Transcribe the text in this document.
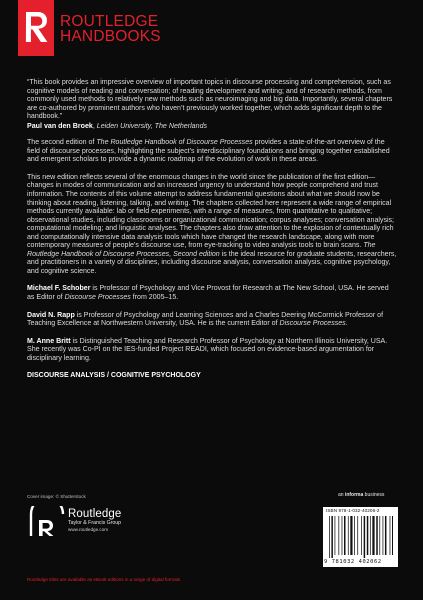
ROUTLEDGE
HANDBOOKS

“This book provides an impressive overview of important topics in discourse processing and comprehension, such as cognitive models of reading and conversation; of reading development and writing; and of research methods, from commonly used methods to relatively new methods such as neuroimaging and big data. Importantly, several chapters are co-authored by prominent authors who haven’t previously worked together, which adds significant depth to the handbook.”

Paul van den Broek, Leiden University, The Netherlands

The second edition of The Routledge Handbook of Discourse Processes provides a state-of-the-art overview of the field of discourse processes, highlighting the subject’s interdisciplinary foundations and bringing together established and emergent scholars to provide a dynamic roadmap of the evolution of work in these areas.

This new edition reflects several of the enormous changes in the world since the publication of the first edition—changes in modes of communication and an increased urgency to understand how people comprehend and trust information. The contents of this volume attempt to address fundamental questions about what we should now be thinking about reading, listening, talking, and writing. The chapters collected here represent a wide range of empirical methods currently available: lab or field experiments, with a range of measures, from quantitative to qualitative; observational studies, including classrooms or organizational communication; corpus analyses; conversation analysis; computational modeling; and linguistic analyses. The chapters also draw attention to the explosion of contextually rich and computationally intensive data analysis tools which have changed the research landscape, along with more contemporary measures of people’s discourse use, from eye-tracking to video analysis tools to brain scans. The Routledge Handbook of Discourse Processes, Second edition is the ideal resource for graduate students, researchers, and practitioners in a variety of disciplines, including discourse analysis, conversation analysis, cognitive psychology, and cognitive science.

Michael F. Schober is Professor of Psychology and Vice Provost for Research at The New School, USA. He served as Editor of Discourse Processes from 2005–15.

David N. Rapp is Professor of Psychology and Learning Sciences and a Charles Deering McCormick Professor of Teaching Excellence at Northwestern University, USA. He is the current Editor of Discourse Processes.

M. Anne Britt is Distinguished Teaching and Research Professor of Psychology at Northern Illinois University, USA. She recently was Co-PI on the IES-funded Project READI, which focused on evidence-based argumentation for disciplinary learning.

DISCOURSE ANALYSIS / COGNITIVE PSYCHOLOGY
Cover image: © Shutterstock	an informa business
Routledge
Taylor & Francis Group
www.routledge.com
ISBN 978-1-032-40206-2
9 781032 402062
Routledge titles are available as eBook editions in a range of digital formats
